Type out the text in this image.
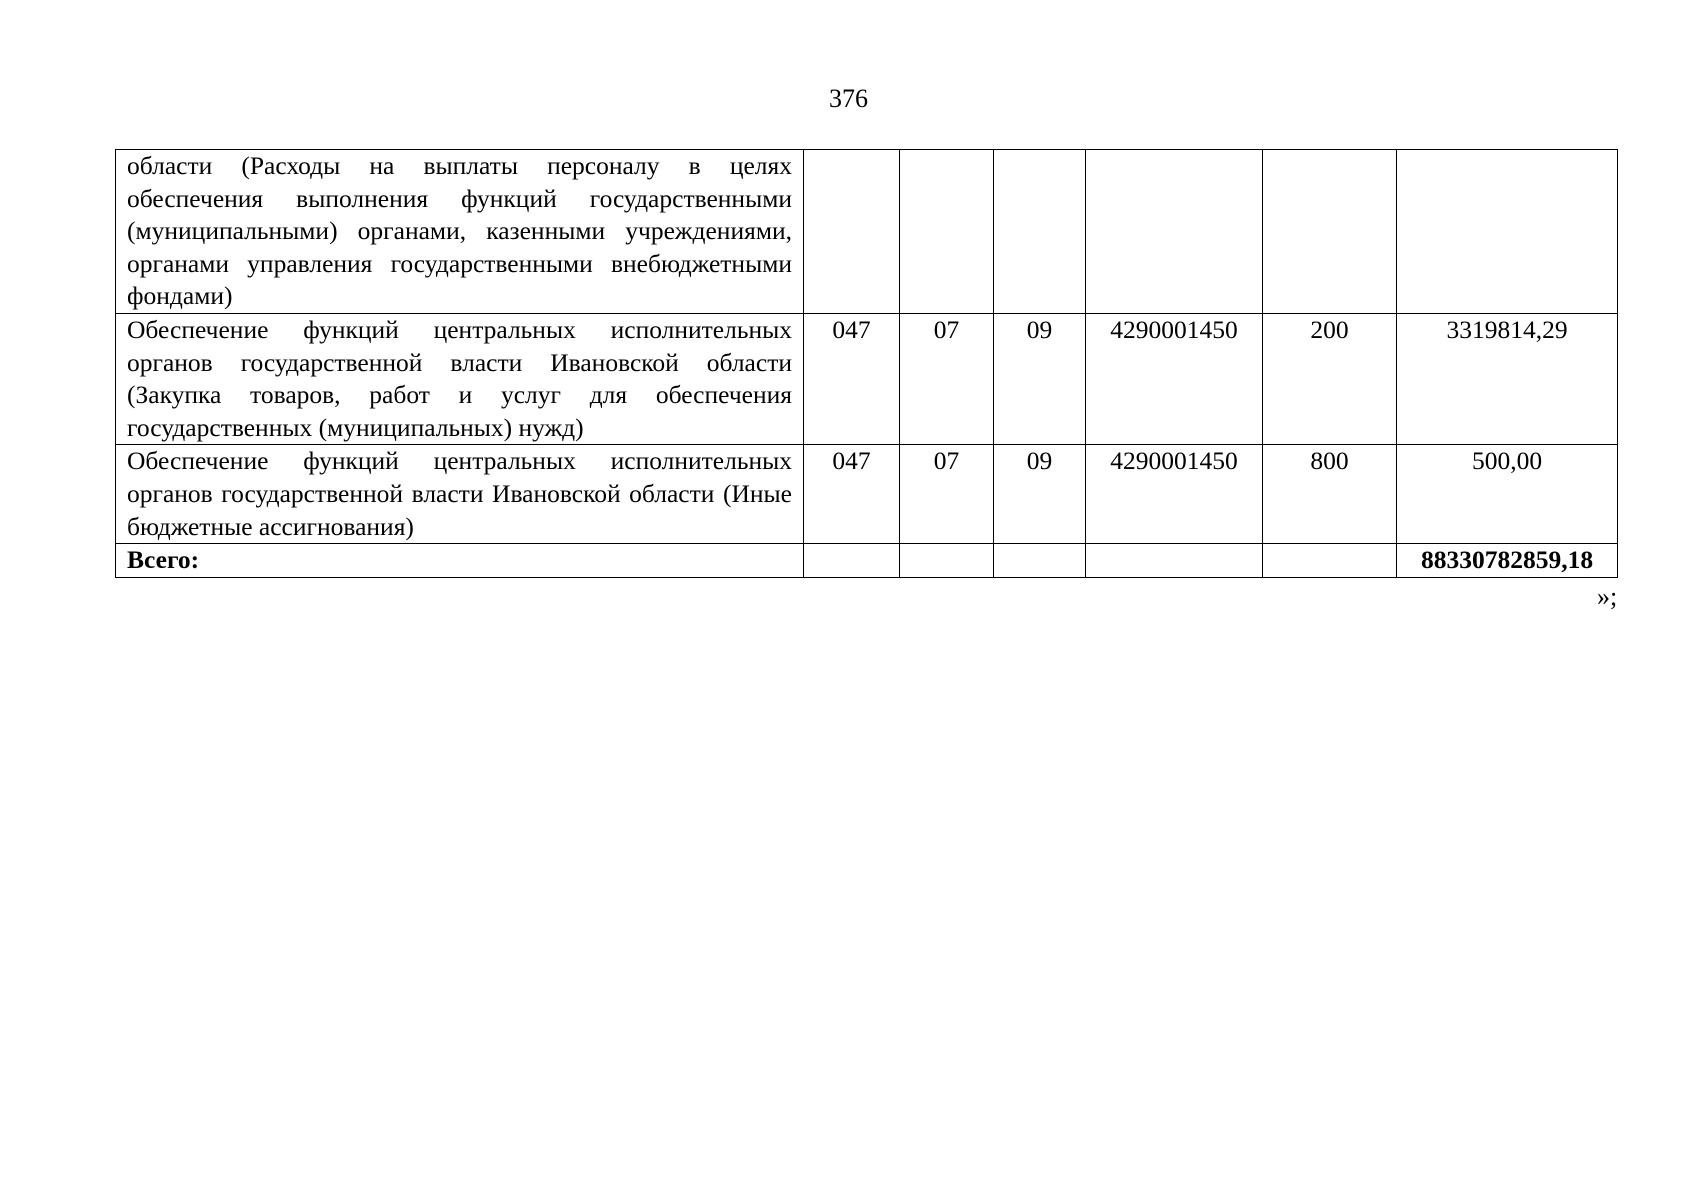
376
области (Расходы на выплаты персоналу в целях обеспечения выполнения функций государственными (муниципальными) органами, казенными учреждениями, органами управления государственными внебюджетными фондами)						
Обеспечение функций центральных исполнительных органов государственной власти Ивановской области (Закупка товаров, работ и услуг для обеспечения государственных (муниципальных) нужд)	047	07	09	4290001450	200	3319814,29
Обеспечение функций центральных исполнительных органов государственной власти Ивановской области (Иные бюджетные ассигнования)	047	07	09	4290001450	800	500,00
Всего:						88330782859,18
»;
